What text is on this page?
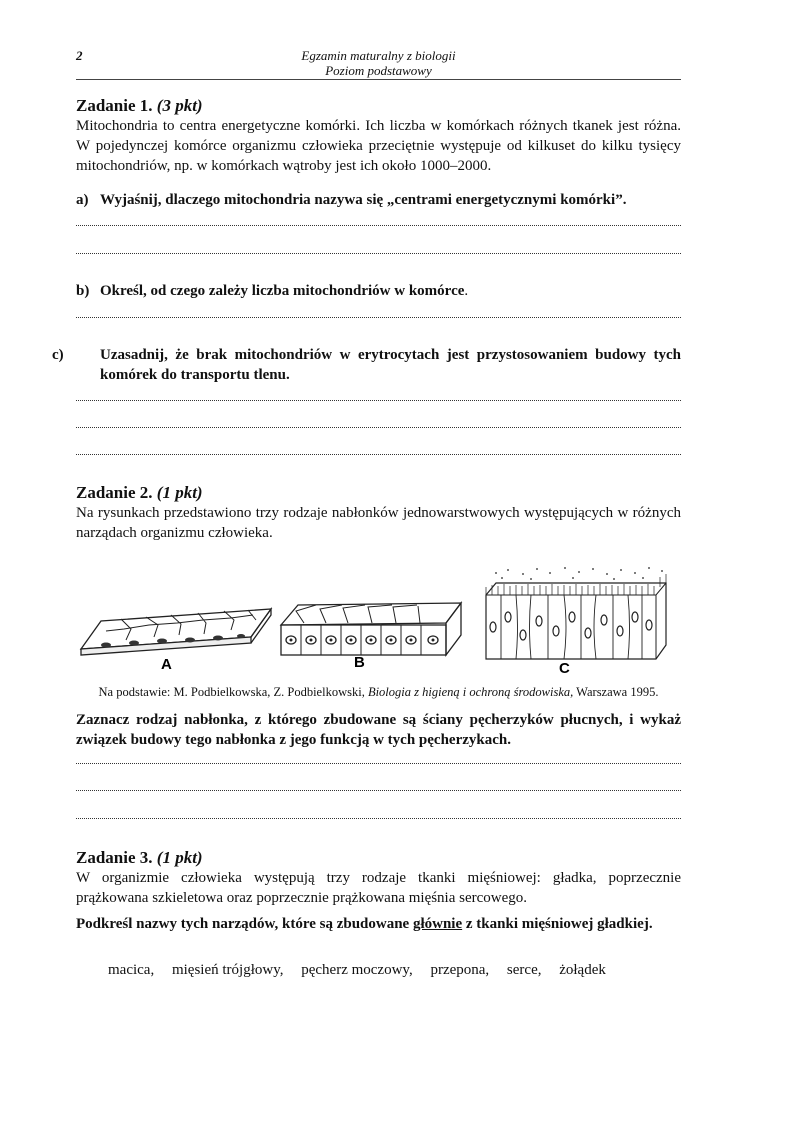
2	Egzamin maturalny z biologii
Poziom podstawowy
Zadanie 1. (3 pkt)

Mitochondria to centra energetyczne komórki. Ich liczba w komórkach różnych tkanek jest różna. W pojedynczej komórce organizmu człowieka przeciętnie występuje od kilkuset do kilku tysięcy mitochondriów, np. w komórkach wątroby jest ich około 1000–2000.

a) Wyjaśnij, dlaczego mitochondria nazywa się „centrami energetycznymi komórki”.
b) Określ, od czego zależy liczba mitochondriów w komórce.
c) Uzasadnij, że brak mitochondriów w erytrocytach jest przystosowaniem budowy tych komórek do transportu tlenu.
Zadanie 2. (1 pkt)

Na rysunkach przedstawiono trzy rodzaje nabłonków jednowarstwowych występujących w różnych narządach organizmu człowieka.

A	B	C
Na podstawie: M. Podbielkowska, Z. Podbielkowski, Biologia z higieną i ochroną środowiska, Warszawa 1995.
Zaznacz rodzaj nabłonka, z którego zbudowane są ściany pęcherzyków płucnych, i wykaż związek budowy tego nabłonka z jego funkcją w tych pęcherzykach.
Zadanie 3. (1 pkt)

W organizmie człowieka występują trzy rodzaje tkanki mięśniowej: gładka, poprzecznie prążkowana szkieletowa oraz poprzecznie prążkowana mięśnia sercowego.

Podkreśl nazwy tych narządów, które są zbudowane głównie z tkanki mięśniowej gładkiej.
macica, mięsień trójgłowy, pęcherz moczowy, przepona, serce, żołądek
